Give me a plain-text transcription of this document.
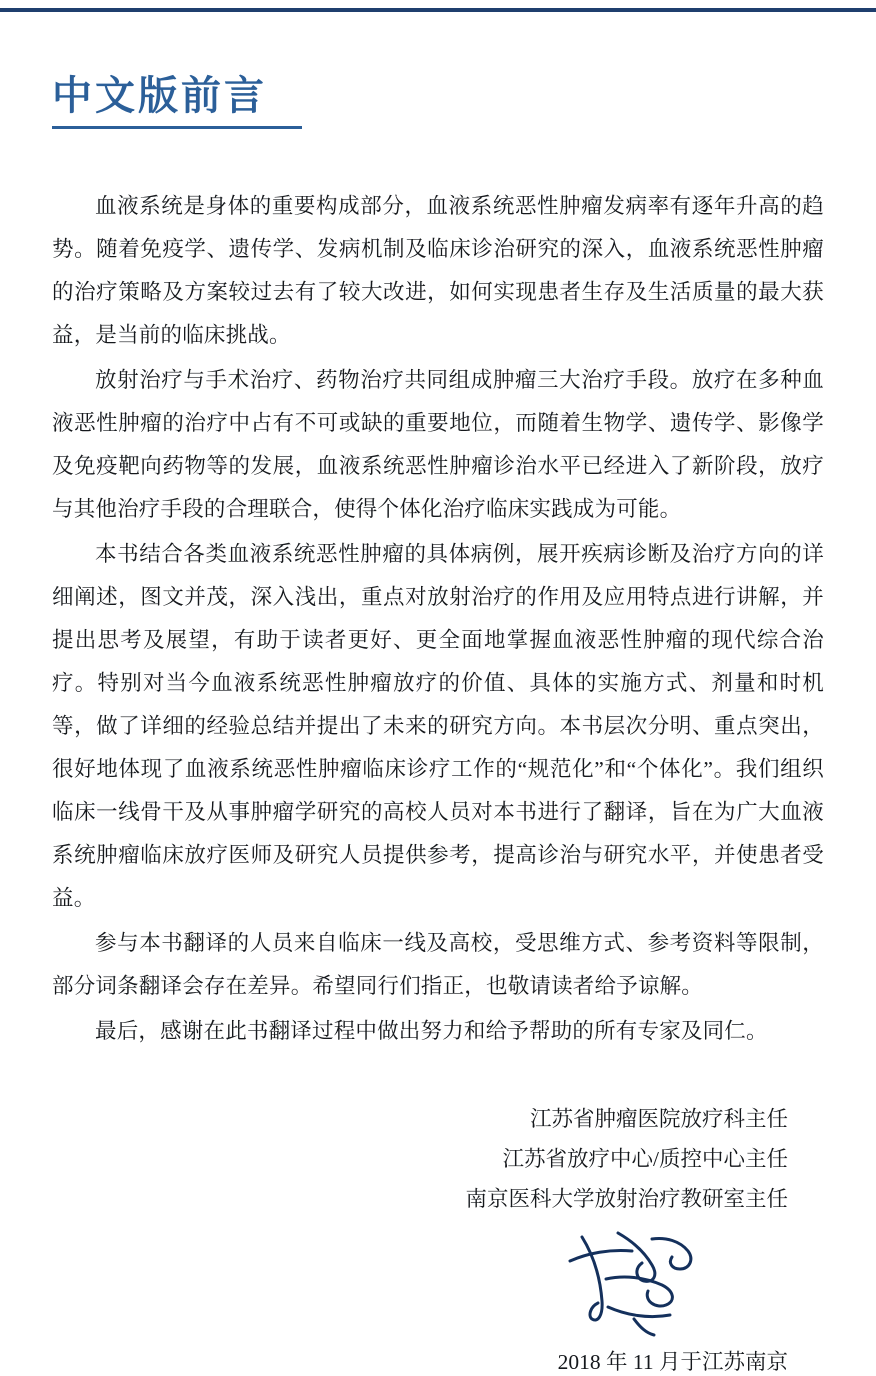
中文版前言

血液系统是身体的重要构成部分，血液系统恶性肿瘤发病率有逐年升高的趋势。随着免疫学、遗传学、发病机制及临床诊治研究的深入，血液系统恶性肿瘤的治疗策略及方案较过去有了较大改进，如何实现患者生存及生活质量的最大获益，是当前的临床挑战。

放射治疗与手术治疗、药物治疗共同组成肿瘤三大治疗手段。放疗在多种血液恶性肿瘤的治疗中占有不可或缺的重要地位，而随着生物学、遗传学、影像学及免疫靶向药物等的发展，血液系统恶性肿瘤诊治水平已经进入了新阶段，放疗与其他治疗手段的合理联合，使得个体化治疗临床实践成为可能。

本书结合各类血液系统恶性肿瘤的具体病例，展开疾病诊断及治疗方向的详细阐述，图文并茂，深入浅出，重点对放射治疗的作用及应用特点进行讲解，并提出思考及展望，有助于读者更好、更全面地掌握血液恶性肿瘤的现代综合治疗。特别对当今血液系统恶性肿瘤放疗的价值、具体的实施方式、剂量和时机等，做了详细的经验总结并提出了未来的研究方向。本书层次分明、重点突出，很好地体现了血液系统恶性肿瘤临床诊疗工作的“规范化”和“个体化”。我们组织临床一线骨干及从事肿瘤学研究的高校人员对本书进行了翻译，旨在为广大血液系统肿瘤临床放疗医师及研究人员提供参考，提高诊治与研究水平，并使患者受益。

参与本书翻译的人员来自临床一线及高校，受思维方式、参考资料等限制，部分词条翻译会存在差异。希望同行们指正，也敬请读者给予谅解。

最后，感谢在此书翻译过程中做出努力和给予帮助的所有专家及同仁。

江苏省肿瘤医院放疗科主任
江苏省放疗中心/质控中心主任
南京医科大学放射治疗教研室主任
2018 年 11 月于江苏南京
